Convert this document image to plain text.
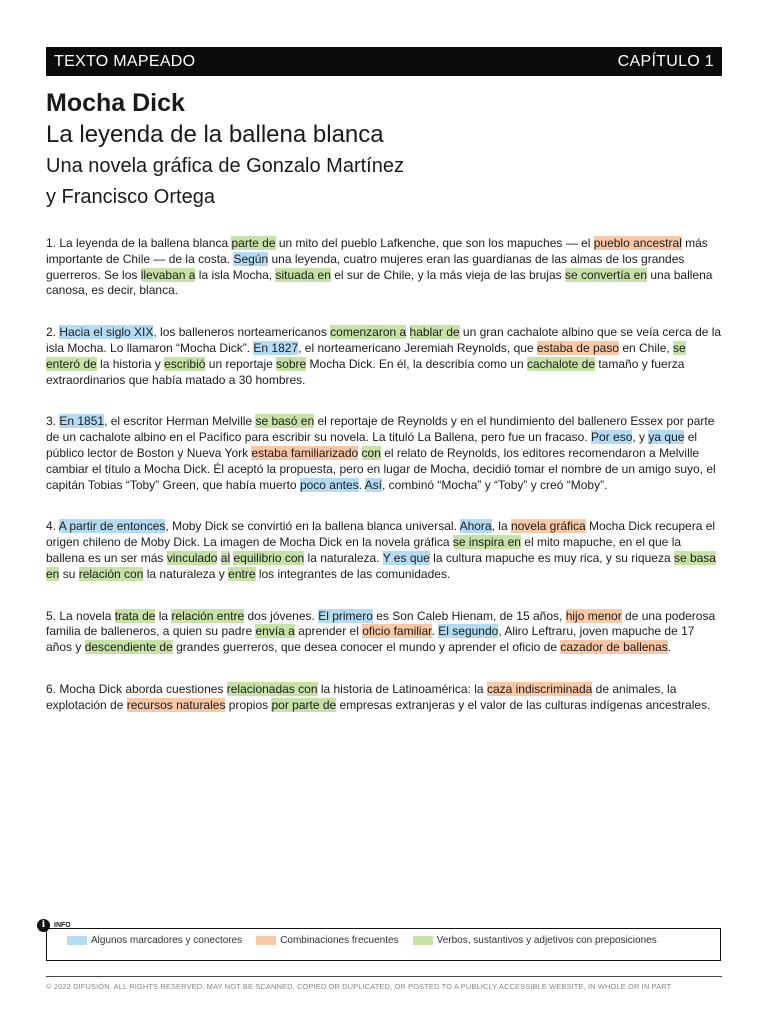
TEXTO MAPEADO	CAPÍTULO 1
Mocha Dick
La leyenda de la ballena blanca

Una novela gráfica de Gonzalo Martínez

y Francisco Ortega

1. La leyenda de la ballena blanca parte de un mito del pueblo Lafkenche, que son los mapuches — el pueblo ancestral más importante de Chile — de la costa. Según una leyenda, cuatro mujeres eran las guardianas de las almas de los grandes guerreros. Se los llevaban a la isla Mocha, situada en el sur de Chile, y la más vieja de las brujas se convertía en una ballena canosa, es decir, blanca.

2. Hacia el siglo XIX, los balleneros norteamericanos comenzaron a hablar de un gran cachalote albino que se veía cerca de la isla Mocha. Lo llamaron “Mocha Dick”. En 1827, el norteamericano Jeremiah Reynolds, que estaba de paso en Chile, se enteró de la historia y escribió un reportaje sobre Mocha Dick. En él, la describía como un cachalote de tamaño y fuerza extraordinarios que había matado a 30 hombres.

3. En 1851, el escritor Herman Melville se basó en el reportaje de Reynolds y en el hundimiento del ballenero Essex por parte de un cachalote albino en el Pacífico para escribir su novela. La tituló La Ballena, pero fue un fracaso. Por eso, y ya que el público lector de Boston y Nueva York estaba familiarizado con el relato de Reynolds, los editores recomendaron a Melville cambiar el título a Mocha Dick. Él aceptó la propuesta, pero en lugar de Mocha, decidió tomar el nombre de un amigo suyo, el capitán Tobias “Toby” Green, que había muerto poco antes. Así, combinó “Mocha” y “Toby” y creó “Moby”.

4. A partir de entonces, Moby Dick se convirtió en la ballena blanca universal. Ahora, la novela gráfica Mocha Dick recupera el origen chileno de Moby Dick. La imagen de Mocha Dick en la novela gráfica se inspira en el mito mapuche, en el que la ballena es un ser más vinculado al equilibrio con la naturaleza. Y es que la cultura mapuche es muy rica, y su riqueza se basa en su relación con la naturaleza y entre los integrantes de las comunidades.

5. La novela trata de la relación entre dos jóvenes. El primero es Son Caleb Hienam, de 15 años, hijo menor de una poderosa familia de balleneros, a quien su padre envía a aprender el oficio familiar. El segundo, Aliro Leftraru, joven mapuche de 17 años y descendiente de grandes guerreros, que desea conocer el mundo y aprender el oficio de cazador de ballenas.

6. Mocha Dick aborda cuestiones relacionadas con la historia de Latinoamérica: la caza indiscriminada de animales, la explotación de recursos naturales propios por parte de empresas extranjeras y el valor de las culturas indígenas ancestrales.

i	INFO
Algunos marcadores y conectores	Combinaciones frecuentes	Verbos, sustantivos y adjetivos con preposiciones
© 2022 DIFUSIÓN. ALL RIGHTS RESERVED. MAY NOT BE SCANNED, COPIED OR DUPLICATED, OR POSTED TO A PUBLICLY ACCESSIBLE WEBSITE, IN WHOLE OR IN PART
